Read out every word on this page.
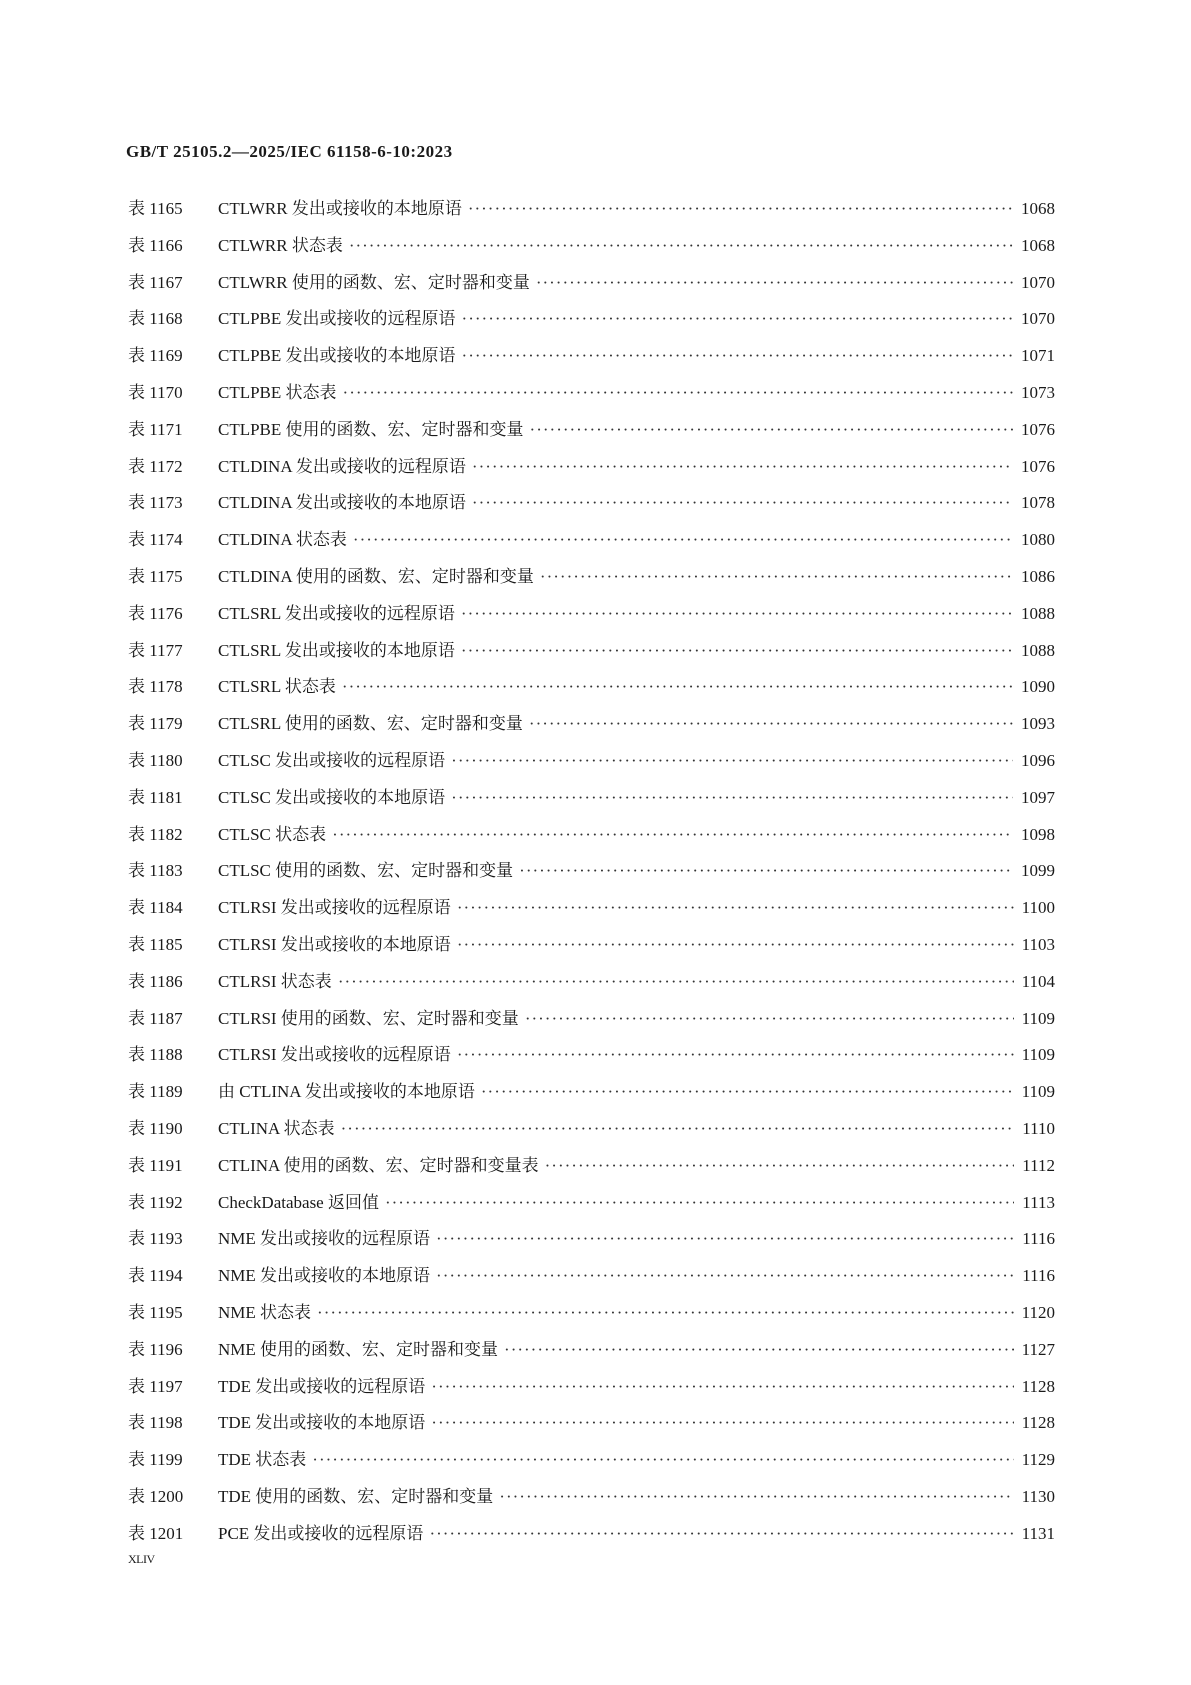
GB/T 25105.2—2025/IEC 61158-6-10:2023
表 1165	CTLWRR 发出或接收的本地原语 ·····	1068
表 1166	CTLWRR 状态表 ·····	1068
表 1167	CTLWRR 使用的函数、宏、定时器和变量 ·····	1070
表 1168	CTLPBE 发出或接收的远程原语 ·····	1070
表 1169	CTLPBE 发出或接收的本地原语 ·····	1071
表 1170	CTLPBE 状态表 ·····	1073
表 1171	CTLPBE 使用的函数、宏、定时器和变量 ·····	1076
表 1172	CTLDINA 发出或接收的远程原语 ·····	1076
表 1173	CTLDINA 发出或接收的本地原语 ·····	1078
表 1174	CTLDINA 状态表 ·····	1080
表 1175	CTLDINA 使用的函数、宏、定时器和变量 ·····	1086
表 1176	CTLSRL 发出或接收的远程原语 ·····	1088
表 1177	CTLSRL 发出或接收的本地原语 ·····	1088
表 1178	CTLSRL 状态表 ·····	1090
表 1179	CTLSRL 使用的函数、宏、定时器和变量 ·····	1093
表 1180	CTLSC 发出或接收的远程原语 ·····	1096
表 1181	CTLSC 发出或接收的本地原语 ·····	1097
表 1182	CTLSC 状态表 ·····	1098
表 1183	CTLSC 使用的函数、宏、定时器和变量 ·····	1099
表 1184	CTLRSI 发出或接收的远程原语 ·····	1100
表 1185	CTLRSI 发出或接收的本地原语 ·····	1103
表 1186	CTLRSI 状态表 ·····	1104
表 1187	CTLRSI 使用的函数、宏、定时器和变量 ·····	1109
表 1188	CTLRSI 发出或接收的远程原语 ·····	1109
表 1189	由 CTLINA 发出或接收的本地原语 ·····	1109
表 1190	CTLINA 状态表 ·····	1110
表 1191	CTLINA 使用的函数、宏、定时器和变量表 ·····	1112
表 1192	CheckDatabase 返回值 ·····	1113
表 1193	NME 发出或接收的远程原语 ·····	1116
表 1194	NME 发出或接收的本地原语 ·····	1116
表 1195	NME 状态表 ·····	1120
表 1196	NME 使用的函数、宏、定时器和变量 ·····	1127
表 1197	TDE 发出或接收的远程原语 ·····	1128
表 1198	TDE 发出或接收的本地原语 ·····	1128
表 1199	TDE 状态表 ·····	1129
表 1200	TDE 使用的函数、宏、定时器和变量 ·····	1130
表 1201	PCE 发出或接收的远程原语 ·····	1131
XLIV
